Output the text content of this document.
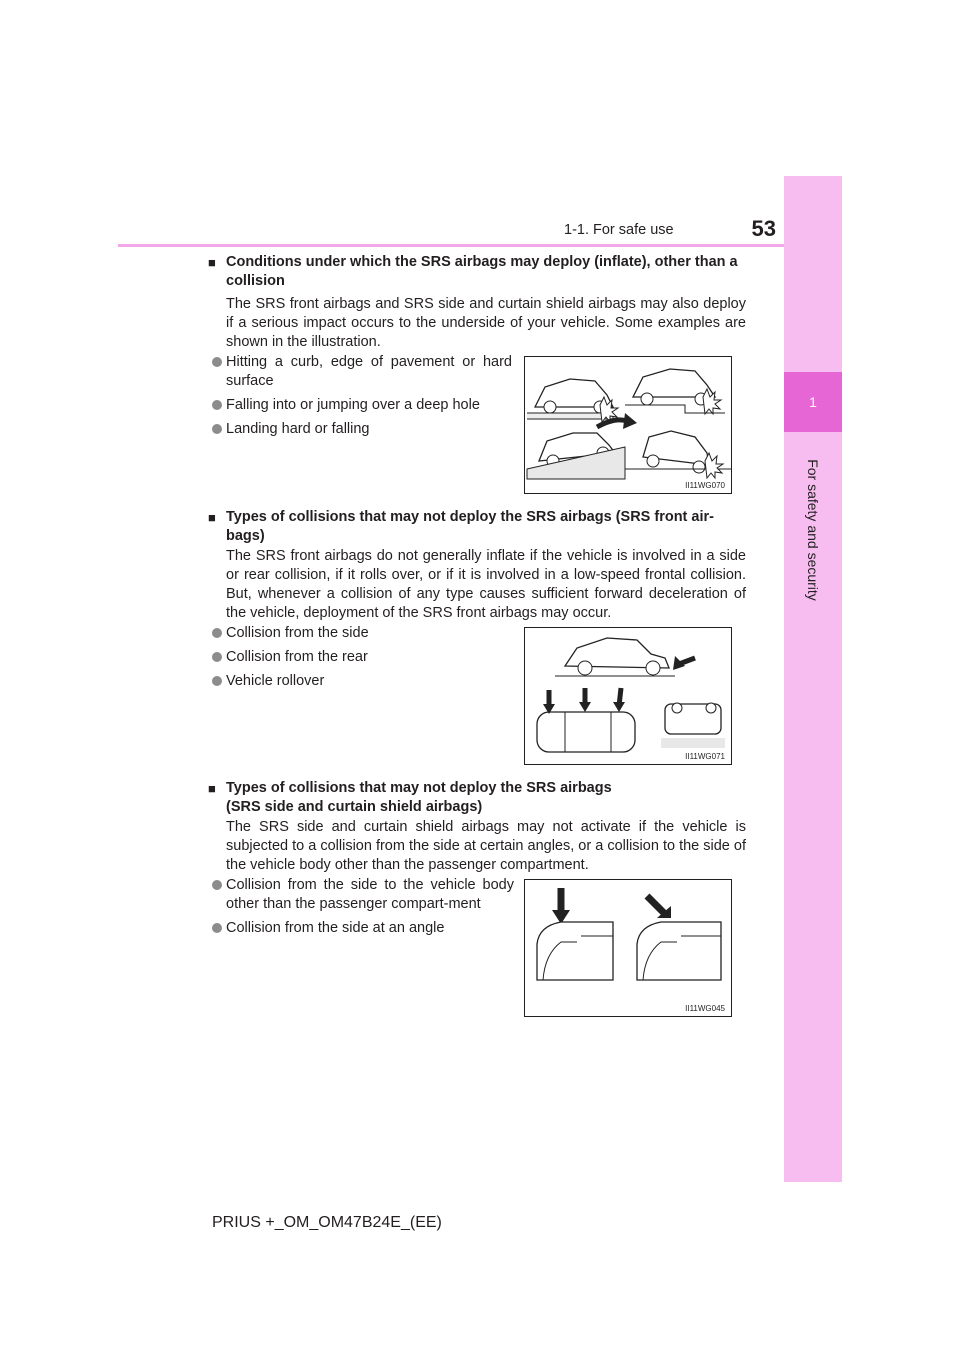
1
For safety and security
1-1. For safe use	53
■ Conditions under which the SRS airbags may deploy (inflate), other than a collision
The SRS front airbags and SRS side and curtain shield airbags may also deploy if a serious impact occurs to the underside of your vehicle. Some examples are shown in the illustration.
Hitting a curb, edge of pavement or hard surface
Falling into or jumping over a deep hole
Landing hard or falling
II11WG070
■ Types of collisions that may not deploy the SRS airbags (SRS front air-bags)
The SRS front airbags do not generally inflate if the vehicle is involved in a side or rear collision, if it rolls over, or if it is involved in a low-speed frontal collision. But, whenever a collision of any type causes sufficient forward deceleration of the vehicle, deployment of the SRS front airbags may occur.
Collision from the side
Collision from the rear
Vehicle rollover
II11WG071
■ Types of collisions that may not deploy the SRS airbags
(SRS side and curtain shield airbags)
The SRS side and curtain shield airbags may not activate if the vehicle is subjected to a collision from the side at certain angles, or a collision to the side of the vehicle body other than the passenger compartment.
Collision from the side to the vehicle body other than the passenger compart-ment
Collision from the side at an angle
II11WG045
PRIUS +_OM_OM47B24E_(EE)
